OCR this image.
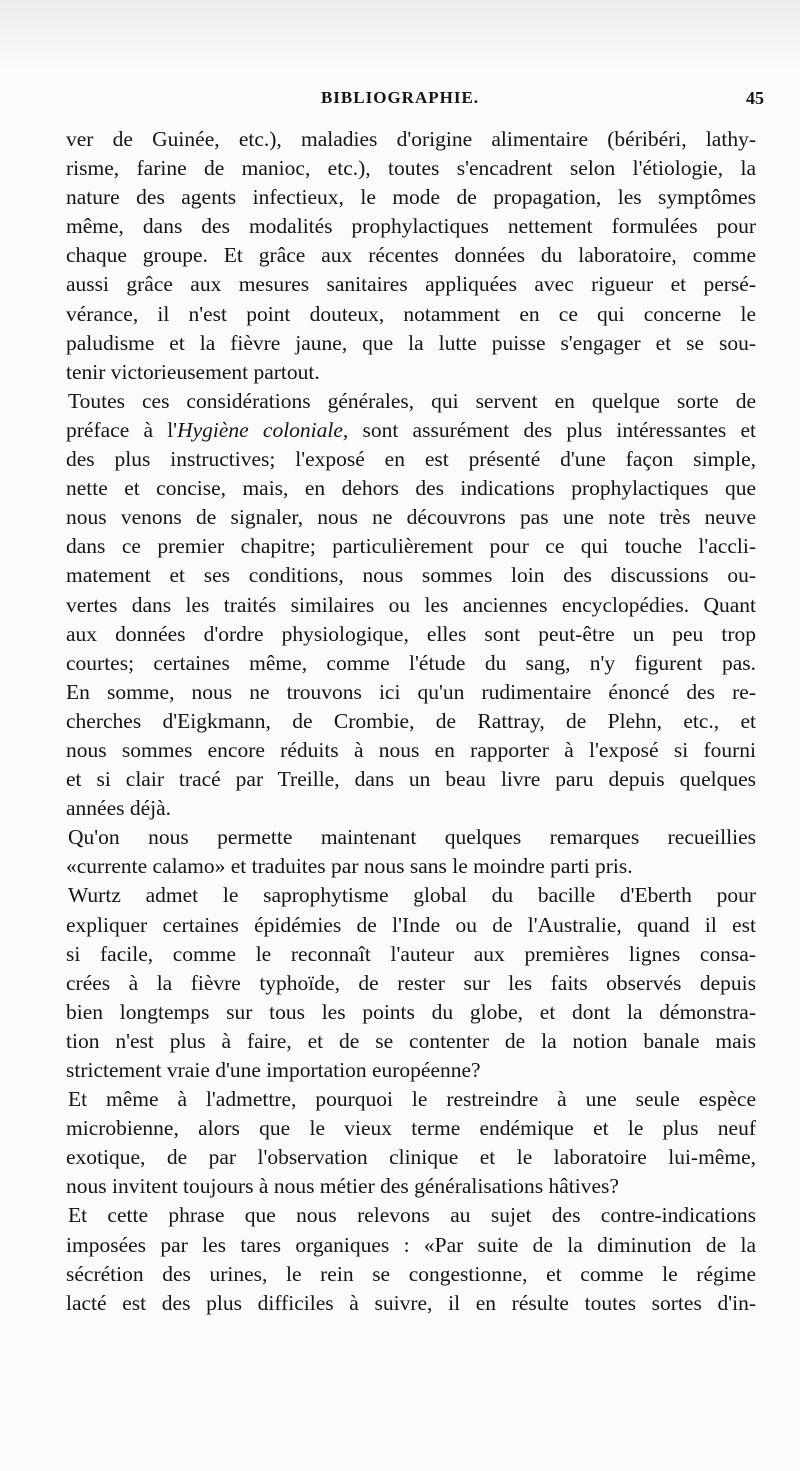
BIBLIOGRAPHIE.	45
ver de Guinée, etc.), maladies d'origine alimentaire (béribéri, lathy-
risme, farine de manioc, etc.), toutes s'encadrent selon l'étiologie, la
nature des agents infectieux, le mode de propagation, les symptômes
même, dans des modalités prophylactiques nettement formulées pour
chaque groupe. Et grâce aux récentes données du laboratoire, comme
aussi grâce aux mesures sanitaires appliquées avec rigueur et persé-
vérance, il n'est point douteux, notamment en ce qui concerne le
paludisme et la fièvre jaune, que la lutte puisse s'engager et se sou-
tenir victorieusement partout.
Toutes ces considérations générales, qui servent en quelque sorte de
préface à l'Hygiène coloniale, sont assurément des plus intéressantes et
des plus instructives; l'exposé en est présenté d'une façon simple,
nette et concise, mais, en dehors des indications prophylactiques que
nous venons de signaler, nous ne découvrons pas une note très neuve
dans ce premier chapitre; particulièrement pour ce qui touche l'accli-
matement et ses conditions, nous sommes loin des discussions ou-
vertes dans les traités similaires ou les anciennes encyclopédies. Quant
aux données d'ordre physiologique, elles sont peut-être un peu trop
courtes; certaines même, comme l'étude du sang, n'y figurent pas.
En somme, nous ne trouvons ici qu'un rudimentaire énoncé des re-
cherches d'Eigkmann, de Crombie, de Rattray, de Plehn, etc., et
nous sommes encore réduits à nous en rapporter à l'exposé si fourni
et si clair tracé par Treille, dans un beau livre paru depuis quelques
années déjà.
Qu'on nous permette maintenant quelques remarques recueillies
«currente calamo» et traduites par nous sans le moindre parti pris.
Wurtz admet le saprophytisme global du bacille d'Eberth pour
expliquer certaines épidémies de l'Inde ou de l'Australie, quand il est
si facile, comme le reconnaît l'auteur aux premières lignes consa-
crées à la fièvre typhoïde, de rester sur les faits observés depuis
bien longtemps sur tous les points du globe, et dont la démonstra-
tion n'est plus à faire, et de se contenter de la notion banale mais
strictement vraie d'une importation européenne?
Et même à l'admettre, pourquoi le restreindre à une seule espèce
microbienne, alors que le vieux terme endémique et le plus neuf
exotique, de par l'observation clinique et le laboratoire lui-même,
nous invitent toujours à nous métier des généralisations hâtives?
Et cette phrase que nous relevons au sujet des contre-indications
imposées par les tares organiques : «Par suite de la diminution de la
sécrétion des urines, le rein se congestionne, et comme le régime
lacté est des plus difficiles à suivre, il en résulte toutes sortes d'in-
